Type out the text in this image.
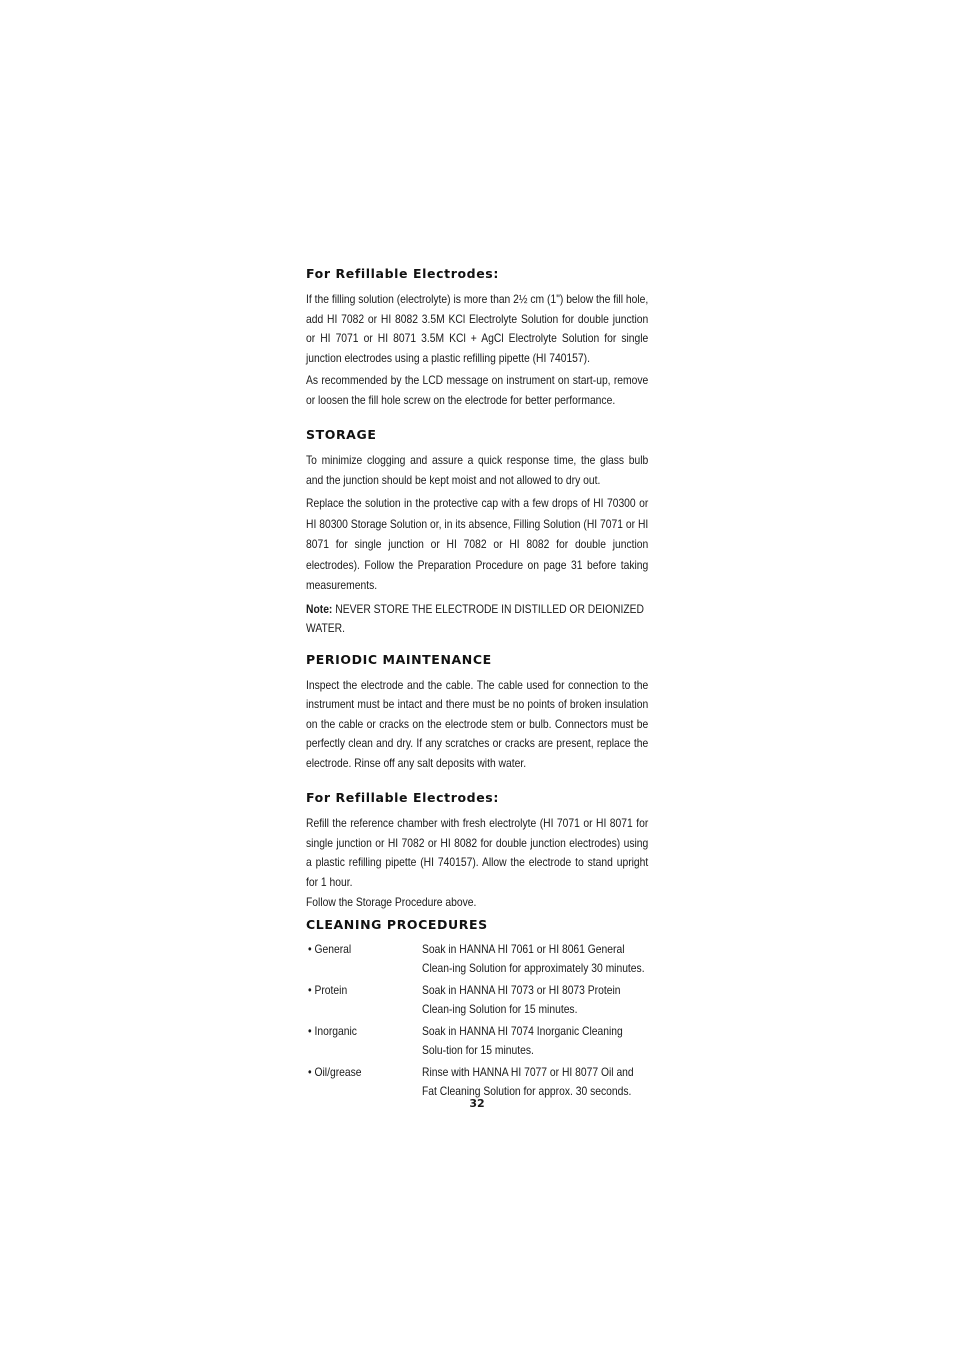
For Refillable Electrodes:

If the filling solution (electrolyte) is more than 2½ cm (1") below the fill hole, add HI 7082 or HI 8082 3.5M KCl Electrolyte Solution for double junction or HI 7071 or HI 8071 3.5M KCl + AgCl Electrolyte Solution for single junction electrodes using a plastic refilling pipette (HI 740157).

As recommended by the LCD message on instrument on start-up, remove or loosen the fill hole screw on the electrode for better performance.

STORAGE

To minimize clogging and assure a quick response time, the glass bulb and the junction should be kept moist and not allowed to dry out.

Replace the solution in the protective cap with a few drops of HI 70300 or HI 80300 Storage Solution or, in its absence, Filling Solution (HI 7071 or HI 8071 for single junction or HI 7082 or HI 8082 for double junction electrodes). Follow the Preparation Procedure on page 31 before taking measurements.

Note: NEVER STORE THE ELECTRODE IN DISTILLED OR DEIONIZED WATER.

PERIODIC MAINTENANCE

Inspect the electrode and the cable. The cable used for connection to the instrument must be intact and there must be no points of broken insulation on the cable or cracks on the electrode stem or bulb. Connectors must be perfectly clean and dry. If any scratches or cracks are present, replace the electrode. Rinse off any salt deposits with water.

For Refillable Electrodes:

Refill the reference chamber with fresh electrolyte (HI 7071 or HI 8071 for single junction or HI 7082 or HI 8082 for double junction electrodes) using a plastic refilling pipette (HI 740157). Allow the electrode to stand upright for 1 hour.

Follow the Storage Procedure above.

CLEANING PROCEDURES
• General	Soak in HANNA HI 7061 or HI 8061 General Clean-ing Solution for approximately 30 minutes.
• Protein	Soak in HANNA HI 7073 or HI 8073 Protein Clean-ing Solution for 15 minutes.
• Inorganic	Soak in HANNA HI 7074 Inorganic Cleaning Solu-tion for 15 minutes.
• Oil/grease	Rinse with HANNA HI 7077 or HI 8077 Oil and Fat Cleaning Solution for approx. 30 seconds.
32
